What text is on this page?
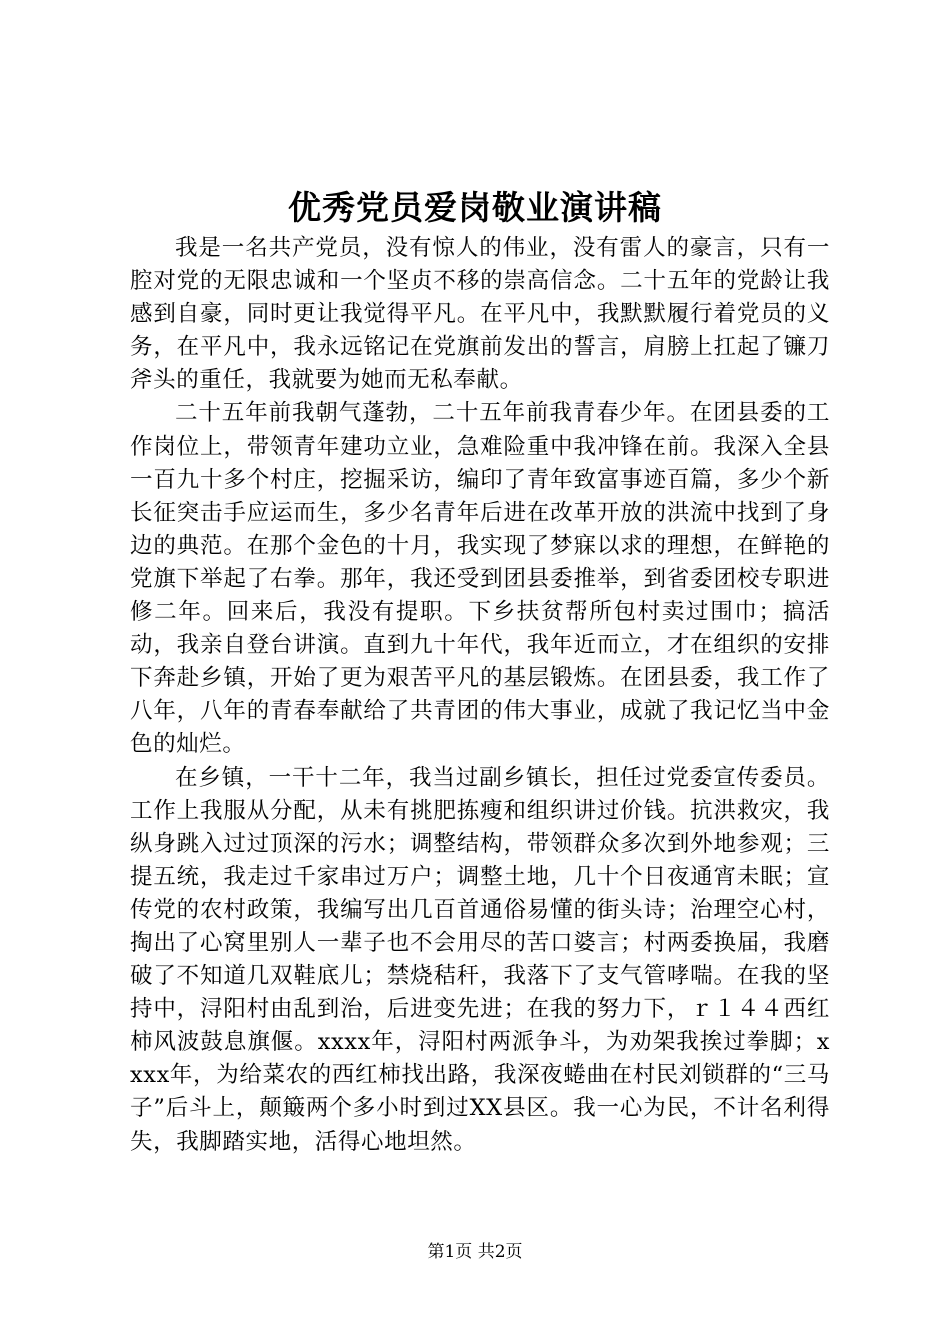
优秀党员爱岗敬业演讲稿

我是一名共产党员，没有惊人的伟业，没有雷人的豪言，只有一腔对党的无限忠诚和一个坚贞不移的崇高信念。二十五年的党龄让我感到自豪，同时更让我觉得平凡。在平凡中，我默默履行着党员的义务，在平凡中，我永远铭记在党旗前发出的誓言，肩膀上扛起了镰刀斧头的重任，我就要为她而无私奉献。

二十五年前我朝气蓬勃，二十五年前我青春少年。在团县委的工作岗位上，带领青年建功立业，急难险重中我冲锋在前。我深入全县一百九十多个村庄，挖掘采访，编印了青年致富事迹百篇，多少个新长征突击手应运而生，多少名青年后进在改革开放的洪流中找到了身边的典范。在那个金色的十月，我实现了梦寐以求的理想，在鲜艳的党旗下举起了右拳。那年，我还受到团县委推举，到省委团校专职进修二年。回来后，我没有提职。下乡扶贫帮所包村卖过围巾；搞活动，我亲自登台讲演。直到九十年代，我年近而立，才在组织的安排下奔赴乡镇，开始了更为艰苦平凡的基层锻炼。在团县委，我工作了八年，八年的青春奉献给了共青团的伟大事业，成就了我记忆当中金色的灿烂。

在乡镇，一干十二年，我当过副乡镇长，担任过党委宣传委员。工作上我服从分配，从未有挑肥拣瘦和组织讲过价钱。抗洪救灾，我纵身跳入过过顶深的污水；调整结构，带领群众多次到外地参观；三提五统，我走过千家串过万户；调整土地，几十个日夜通宵未眠；宣传党的农村政策，我编写出几百首通俗易懂的街头诗；治理空心村，掏出了心窝里别人一辈子也不会用尽的苦口婆言；村两委换届，我磨破了不知道几双鞋底儿；禁烧秸秆，我落下了支气管哮喘。在我的坚持中，浔阳村由乱到治，后进变先进；在我的努力下，ｒ１４４西红柿风波鼓息旗偃。xxxx年，浔阳村两派争斗，为劝架我挨过拳脚；xxxx年，为给菜农的西红柿找出路，我深夜蜷曲在村民刘锁群的“三马子”后斗上，颠簸两个多小时到过XX县区。我一心为民，不计名利得失，我脚踏实地，活得心地坦然。

第1页 共2页
